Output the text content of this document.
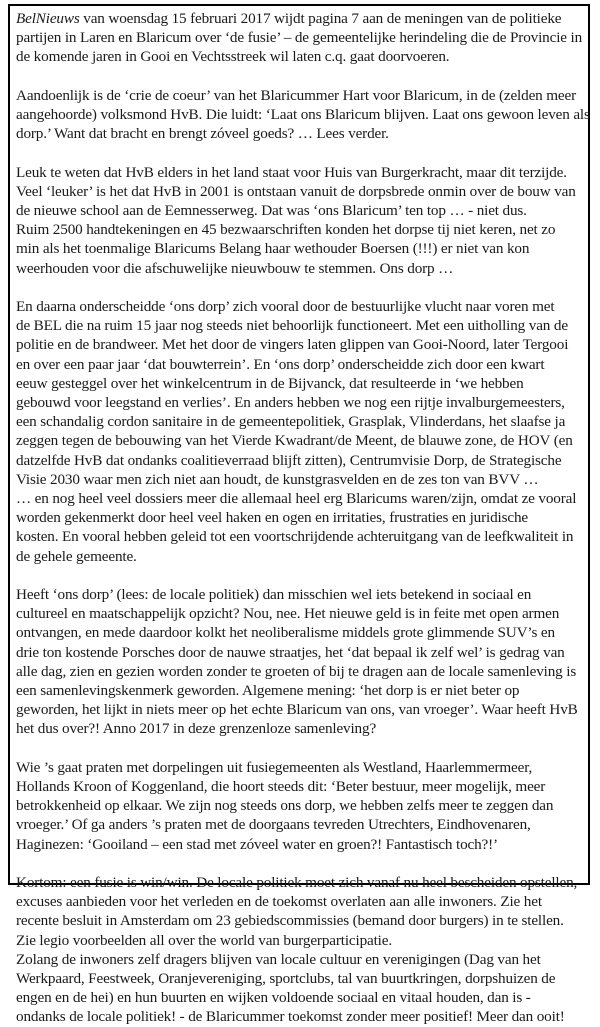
BelNieuws van woensdag 15 februari 2017 wijdt pagina 7 aan de meningen van de politieke
partijen in Laren en Blaricum over ‘de fusie’ – de gemeentelijke herindeling die de Provincie in
de komende jaren in Gooi en Vechtsstreek wil laten c.q. gaat doorvoeren.

Aandoenlijk is de ‘crie de coeur’ van het Blaricummer Hart voor Blaricum, in de (zelden meer
aangehoorde) volksmond HvB. Die luidt: ‘Laat ons Blaricum blijven. Laat ons gewoon leven als
dorp.’ Want dat bracht en brengt zóveel goeds? … Lees verder.

Leuk te weten dat HvB elders in het land staat voor Huis van Burgerkracht, maar dit terzijde.
Veel ‘leuker’ is het dat HvB in 2001 is ontstaan vanuit de dorpsbrede onmin over de bouw van
de nieuwe school aan de Eemnesserweg. Dat was ‘ons Blaricum’ ten top … - niet dus.
Ruim 2500 handtekeningen en 45 bezwaarschriften konden het dorpse tij niet keren, net zo
min als het toenmalige Blaricums Belang haar wethouder Boersen (!!!) er niet van kon
weerhouden voor die afschuwelijke nieuwbouw te stemmen. Ons dorp …

En daarna onderscheidde ‘ons dorp’ zich vooral door de bestuurlijke vlucht naar voren met
de BEL die na ruim 15 jaar nog steeds niet behoorlijk functioneert. Met een uitholling van de
politie en de brandweer. Met het door de vingers laten glippen van Gooi-Noord, later Tergooi
en over een paar jaar ‘dat bouwterrein’. En ‘ons dorp’ onderscheidde zich door een kwart
eeuw gesteggel over het winkelcentrum in de Bijvanck, dat resulteerde in ‘we hebben
gebouwd voor leegstand en verlies’. En anders hebben we nog een rijtje invalburgemeesters,
een schandalig cordon sanitaire in de gemeentepolitiek, Grasplak, Vlinderdans, het slaafse ja
zeggen tegen de bebouwing van het Vierde Kwadrant/de Meent, de blauwe zone, de HOV (en
datzelfde HvB dat ondanks coalitieverraad blijft zitten), Centrumvisie Dorp, de Strategische
Visie 2030 waar men zich niet aan houdt, de kunstgrasvelden en de zes ton van BVV …
… en nog heel veel dossiers meer die allemaal heel erg Blaricums waren/zijn, omdat ze vooral
worden gekenmerkt door heel veel haken en ogen en irritaties, frustraties en juridische
kosten. En vooral hebben geleid tot een voortschrijdende achteruitgang van de leefkwaliteit in
de gehele gemeente.

Heeft ‘ons dorp’ (lees: de locale politiek) dan misschien wel iets betekend in sociaal en
cultureel en maatschappelijk opzicht? Nou, nee. Het nieuwe geld is in feite met open armen
ontvangen, en mede daardoor kolkt het neoliberalisme middels grote glimmende SUV’s en
drie ton kostende Porsches door de nauwe straatjes, het ‘dat bepaal ik zelf wel’ is gedrag van
alle dag, zien en gezien worden zonder te groeten of bij te dragen aan de locale samenleving is
een samenlevingskenmerk geworden. Algemene mening: ‘het dorp is er niet beter op
geworden, het lijkt in niets meer op het echte Blaricum van ons, van vroeger’. Waar heeft HvB
het dus over?! Anno 2017 in deze grenzenloze samenleving?

Wie ’s gaat praten met dorpelingen uit fusiegemeenten als Westland, Haarlemmermeer,
Hollands Kroon of Koggenland, die hoort steeds dit: ‘Beter bestuur, meer mogelijk, meer
betrokkenheid op elkaar. We zijn nog steeds ons dorp, we hebben zelfs meer te zeggen dan
vroeger.’ Of ga anders ’s praten met de doorgaans tevreden Utrechters, Eindhovenaren,
Haginezen: ‘Gooiland – een stad met zóveel water en groen?! Fantastisch toch?!’

Kortom: een fusie is win/win. De locale politiek moet zich vanaf nu heel bescheiden opstellen,
excuses aanbieden voor het verleden en de toekomst overlaten aan alle inwoners. Zie het
recente besluit in Amsterdam om 23 gebiedscommissies (bemand door burgers) in te stellen.
Zie legio voorbeelden all over the world van burgerparticipatie.
Zolang de inwoners zelf dragers blijven van locale cultuur en verenigingen (Dag van het
Werkpaard, Feestweek, Oranjevereniging, sportclubs, tal van buurtkringen, dorpshuizen de
engen en de hei) en hun buurten en wijken voldoende sociaal en vitaal houden, dan is -
ondanks de locale politiek! - de Blaricummer toekomst zonder meer positief! Meer dan ooit!
